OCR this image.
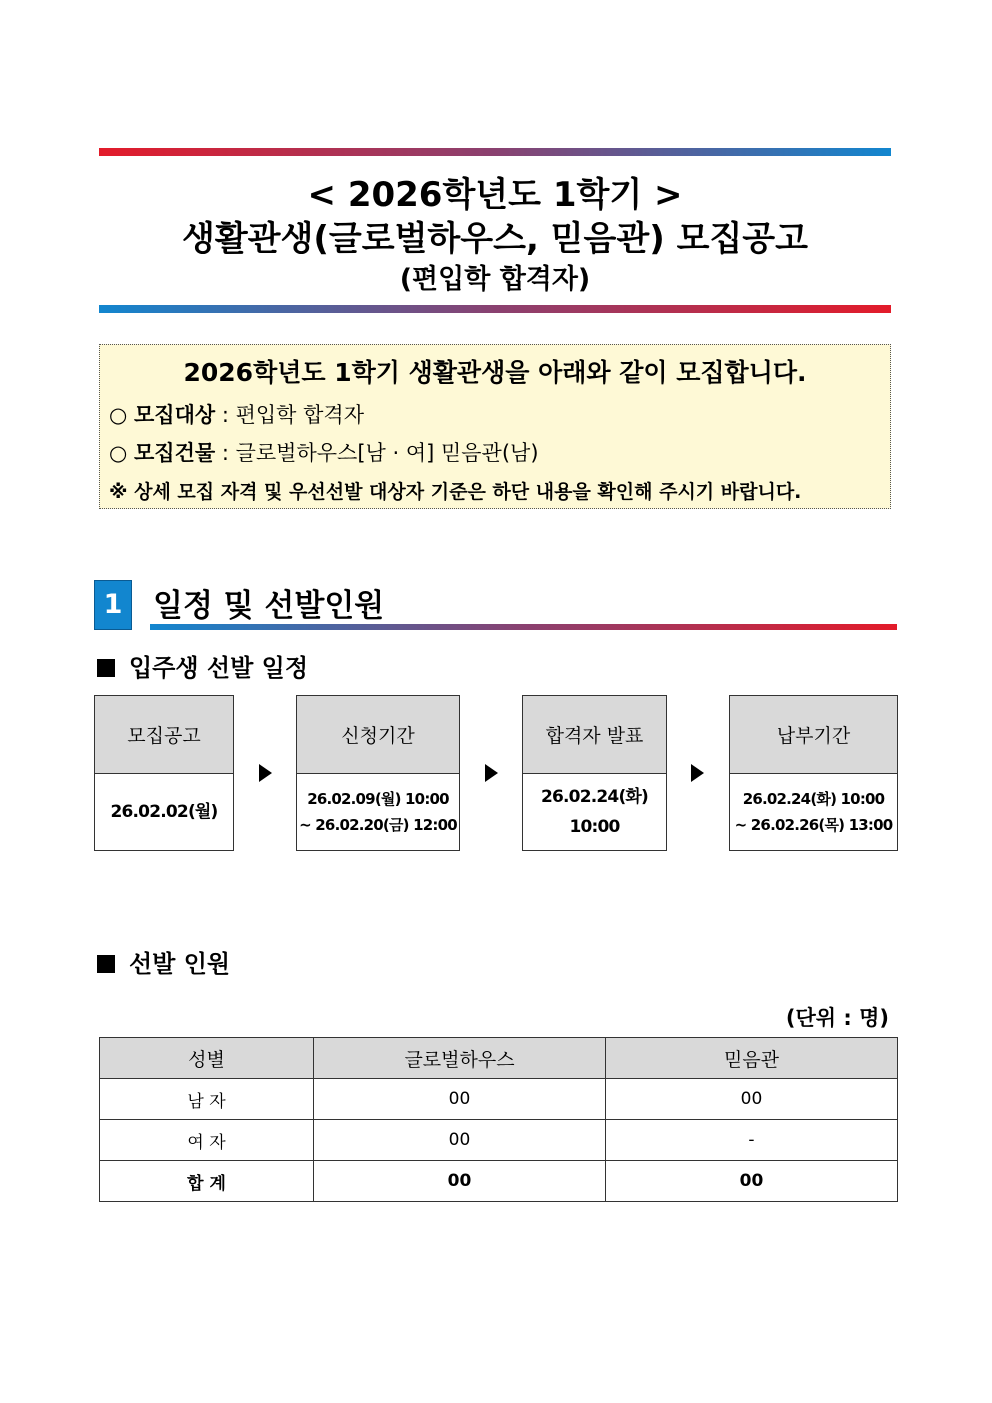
< 2026학년도 1학기 >
생활관생(글로벌하우스, 믿음관) 모집공고
(편입학 합격자)
2026학년도 1학기 생활관생을 아래와 같이 모집합니다.
○ 모집대상 : 편입학 합격자
○ 모집건물 : 글로벌하우스[남 · 여] 믿음관(남)
※ 상세 모집 자격 및 우선선발 대상자 기준은 하단 내용을 확인해 주시기 바랍니다.
1 일정 및 선발인원
입주생 선발 일정
모집공고
26.02.02(월)
신청기간
26.02.09(월) 10:00
~ 26.02.20(금) 12:00
합격자 발표
26.02.24(화)
10:00
납부기간
26.02.24(화) 10:00
~ 26.02.26(목) 13:00
선발 인원
(단위 : 명)
성별	글로벌하우스	믿음관
남 자	00	00
여 자	00	-
합 계	00	00
